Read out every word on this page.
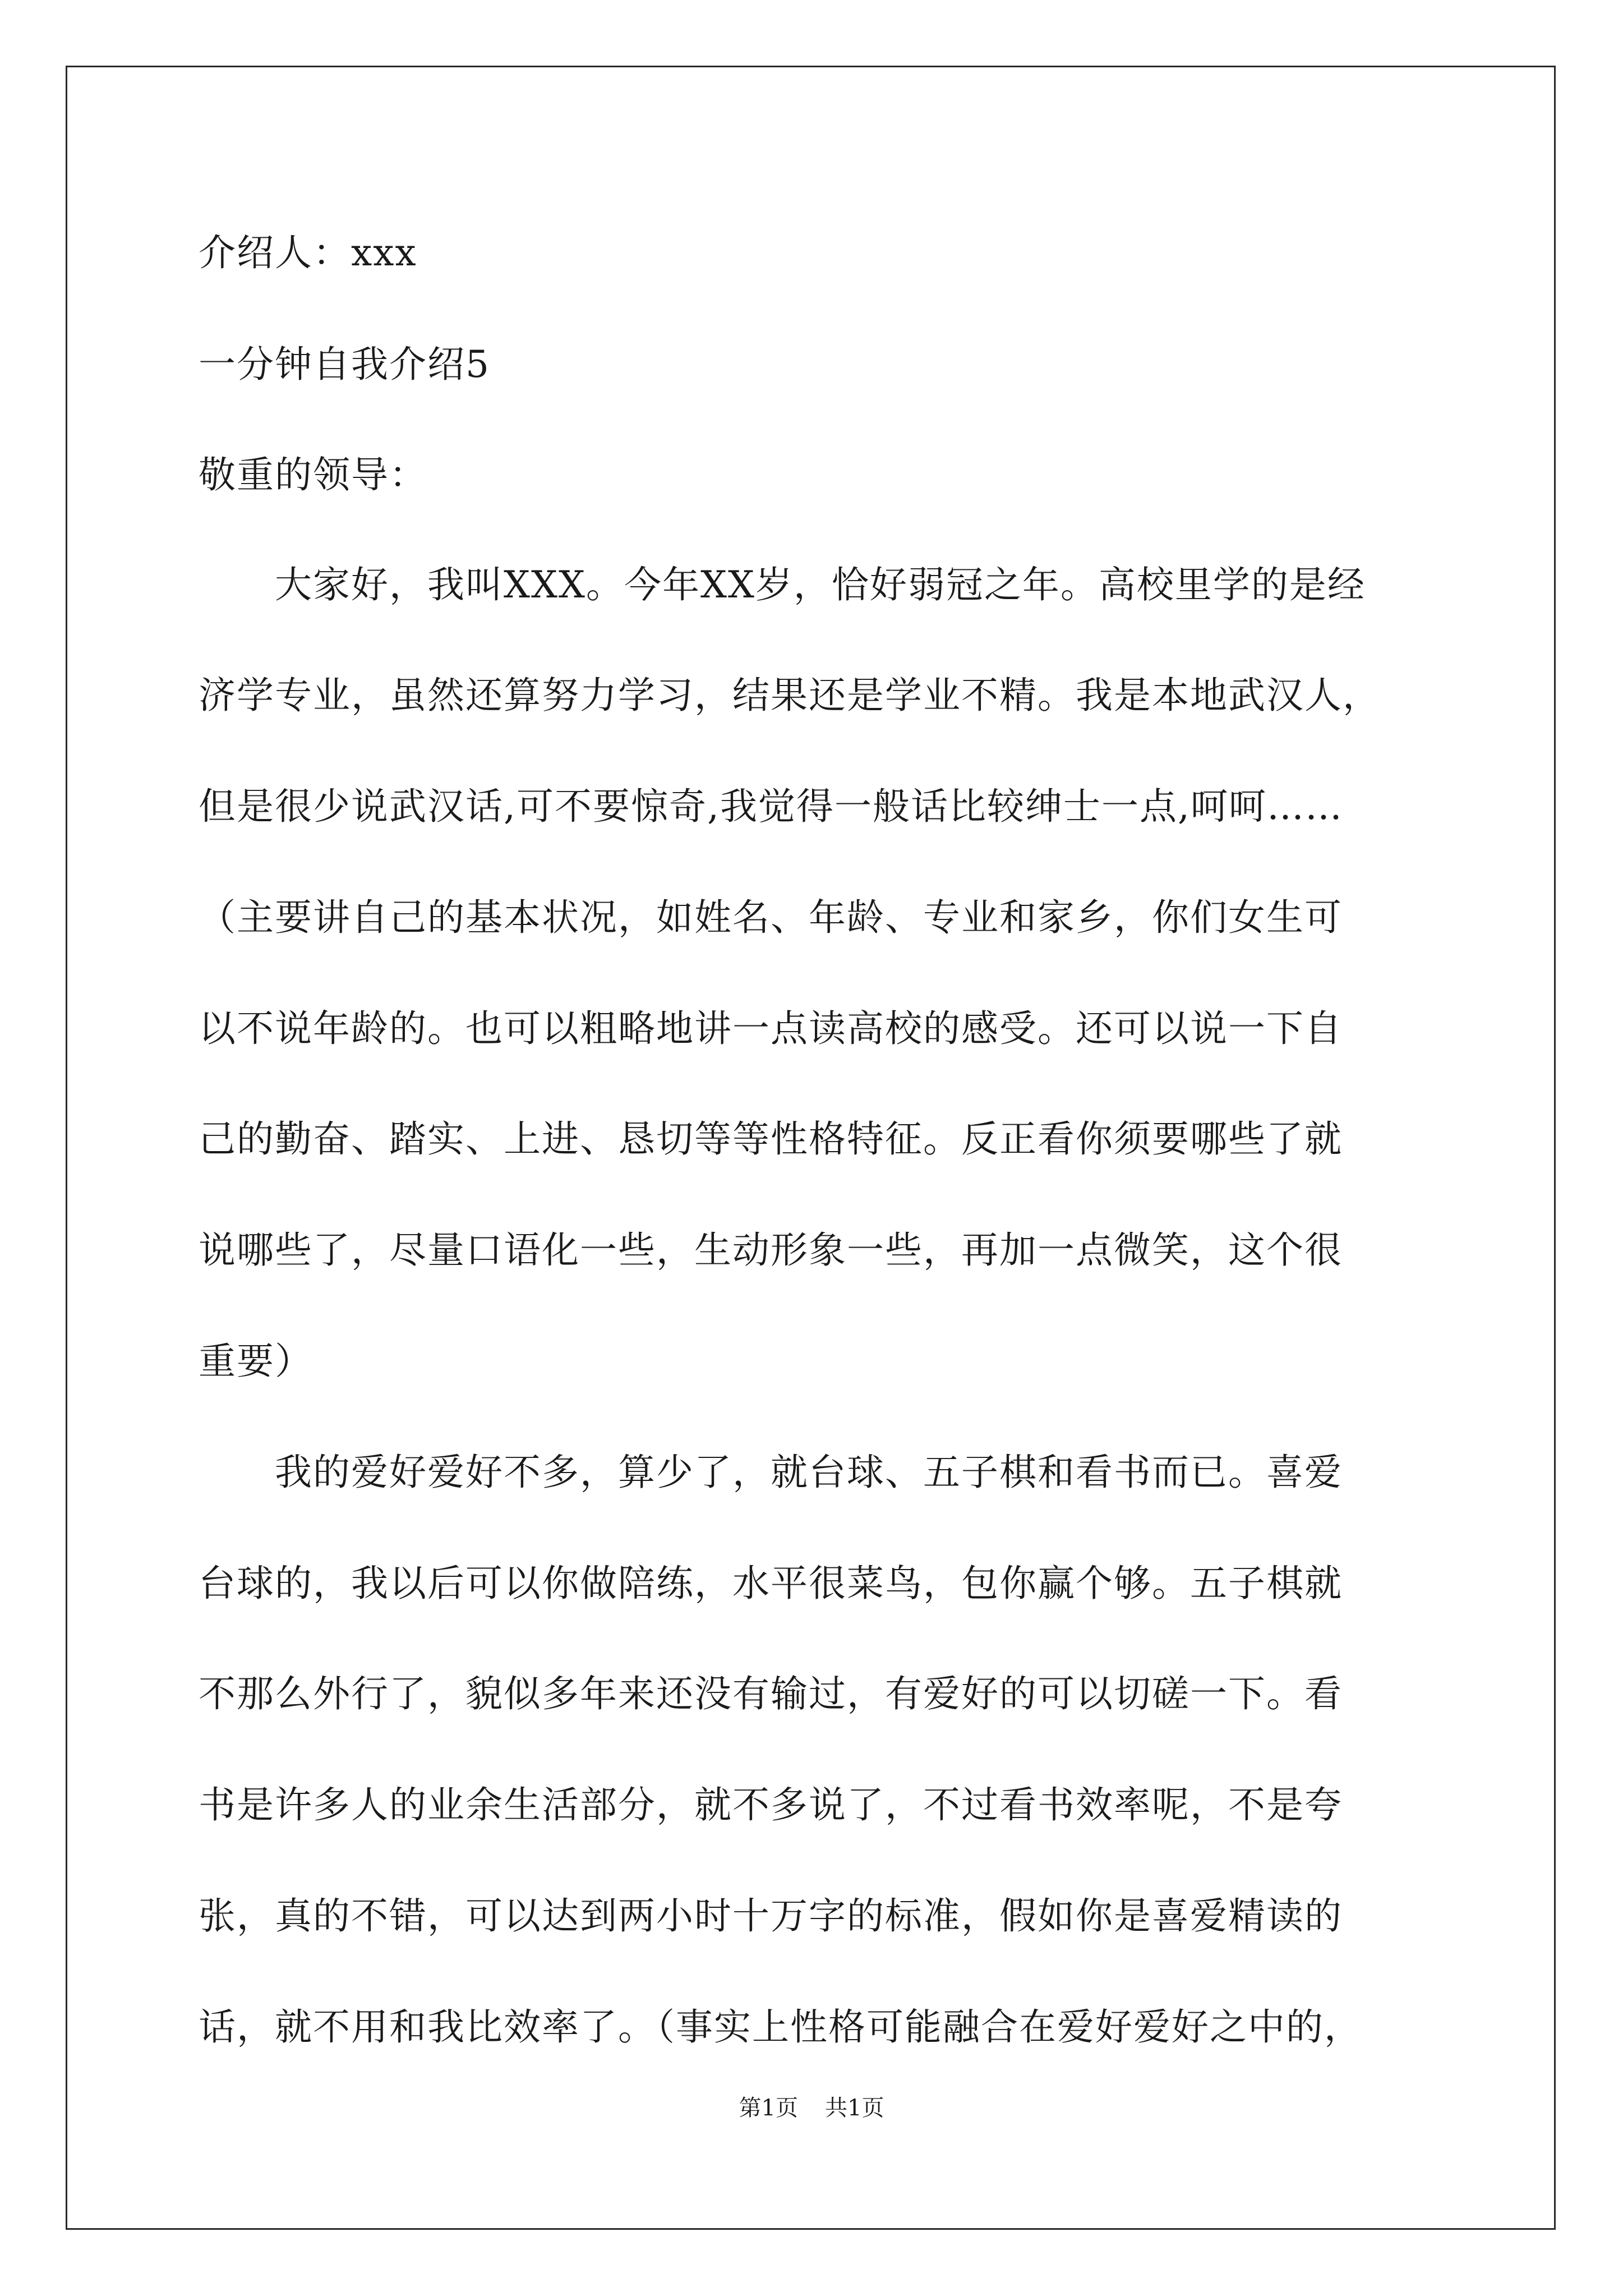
介绍人：xxx
一分钟自我介绍5
敬重的领导：
大家好，我叫XXX。今年XX岁，恰好弱冠之年。高校里学的是经
济学专业，虽然还算努力学习，结果还是学业不精。我是本地武汉人，
但是很少说武汉话,可不要惊奇,我觉得一般话比较绅士一点,呵呵……
（主要讲自己的基本状况，如姓名、年龄、专业和家乡，你们女生可
以不说年龄的。也可以粗略地讲一点读高校的感受。还可以说一下自
己的勤奋、踏实、上进、恳切等等性格特征。反正看你须要哪些了就
说哪些了，尽量口语化一些，生动形象一些，再加一点微笑，这个很
重要）
我的爱好爱好不多，算少了，就台球、五子棋和看书而已。喜爱
台球的，我以后可以你做陪练，水平很菜鸟，包你赢个够。五子棋就
不那么外行了，貌似多年来还没有输过，有爱好的可以切磋一下。看
书是许多人的业余生活部分，就不多说了，不过看书效率呢，不是夸
张，真的不错，可以达到两小时十万字的标准，假如你是喜爱精读的
话，就不用和我比效率了。（事实上性格可能融合在爱好爱好之中的，
第1页 共1页
